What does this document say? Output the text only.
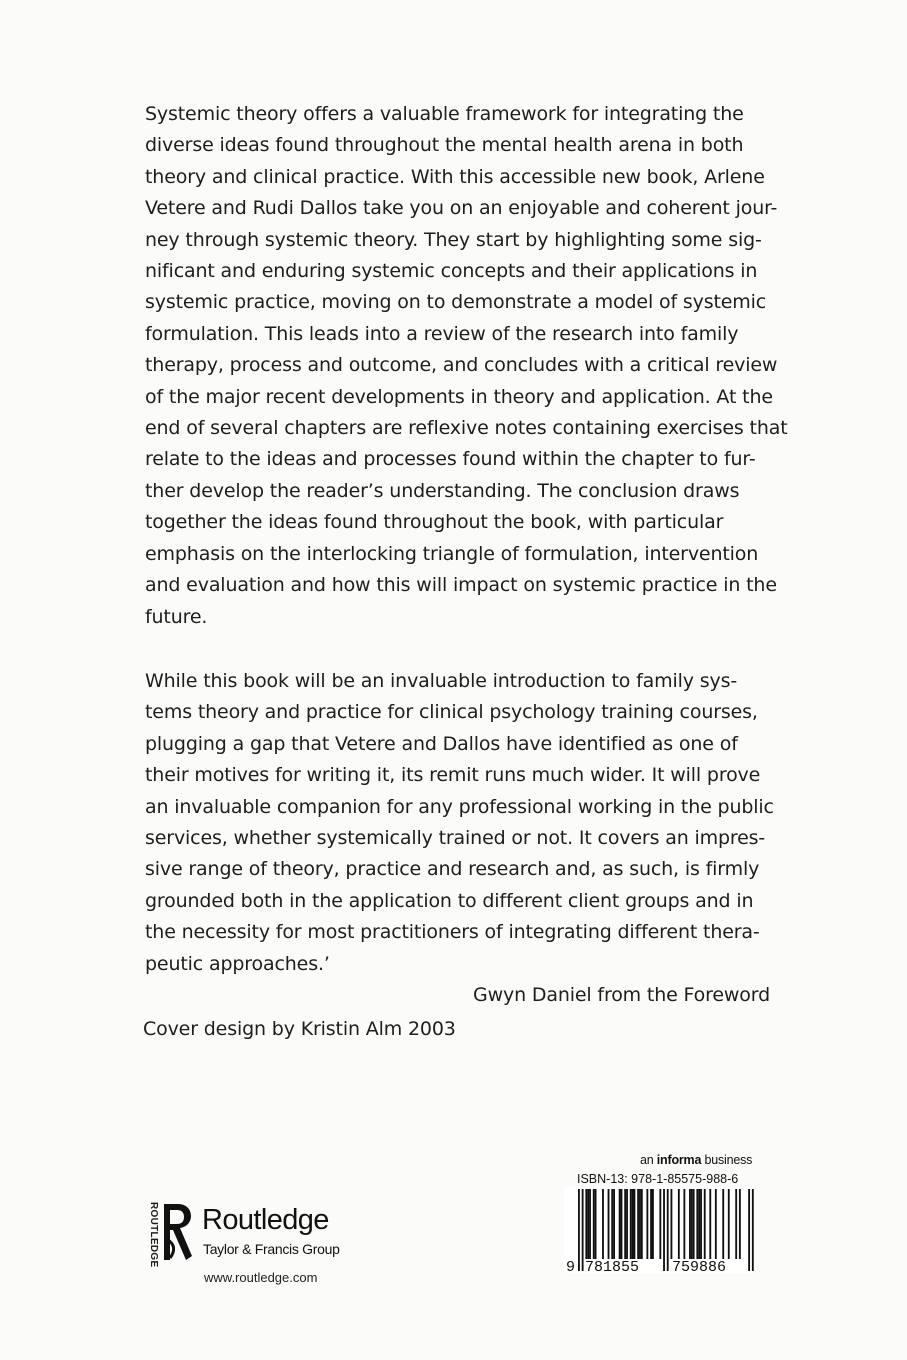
Systemic theory offers a valuable framework for integrating the
diverse ideas found throughout the mental health arena in both
theory and clinical practice. With this accessible new book, Arlene
Vetere and Rudi Dallos take you on an enjoyable and coherent jour-
ney through systemic theory. They start by highlighting some sig-
nificant and enduring systemic concepts and their applications in
systemic practice, moving on to demonstrate a model of systemic
formulation. This leads into a review of the research into family
therapy, process and outcome, and concludes with a critical review
of the major recent developments in theory and application. At the
end of several chapters are reflexive notes containing exercises that
relate to the ideas and processes found within the chapter to fur-
ther develop the reader’s understanding. The conclusion draws
together the ideas found throughout the book, with particular
emphasis on the interlocking triangle of formulation, intervention
and evaluation and how this will impact on systemic practice in the
future.
While this book will be an invaluable introduction to family sys-
tems theory and practice for clinical psychology training courses,
plugging a gap that Vetere and Dallos have identified as one of
their motives for writing it, its remit runs much wider. It will prove
an invaluable companion for any professional working in the public
services, whether systemically trained or not. It covers an impres-
sive range of theory, practice and research and, as such, is firmly
grounded both in the application to different client groups and in
the necessity for most practitioners of integrating different thera-
peutic approaches.’
Gwyn Daniel from the Foreword
Cover design by Kristin Alm 2003
ROUTLEDGE Routledge
Taylor & Francis Group
www.routledge.com
an informa business
ISBN-13: 978-1-85575-988-6
9 781855 759886
